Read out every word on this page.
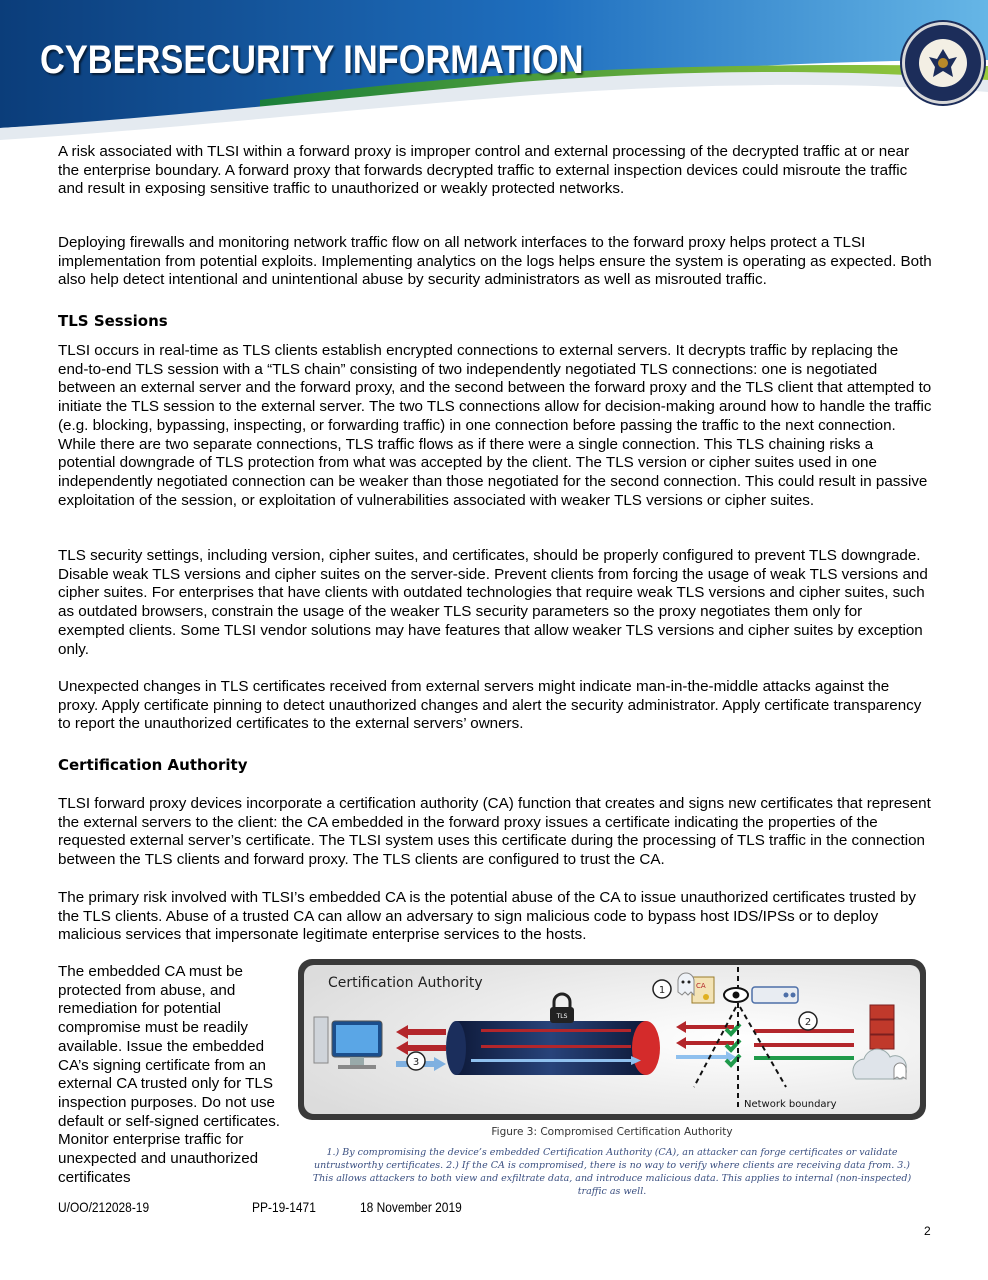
CYBERSECURITY INFORMATION

A risk associated with TLSI within a forward proxy is improper control and external processing of the decrypted traffic at or near the enterprise boundary. A forward proxy that forwards decrypted traffic to external inspection devices could misroute the traffic and result in exposing sensitive traffic to unauthorized or weakly protected networks.

Deploying firewalls and monitoring network traffic flow on all network interfaces to the forward proxy helps protect a TLSI implementation from potential exploits. Implementing analytics on the logs helps ensure the system is operating as expected. Both also help detect intentional and unintentional abuse by security administrators as well as misrouted traffic.

TLS Sessions

TLSI occurs in real-time as TLS clients establish encrypted connections to external servers. It decrypts traffic by replacing the end-to-end TLS session with a “TLS chain” consisting of two independently negotiated TLS connections: one is negotiated between an external server and the forward proxy, and the second between the forward proxy and the TLS client that attempted to initiate the TLS session to the external server. The two TLS connections allow for decision-making around how to handle the traffic (e.g. blocking, bypassing, inspecting, or forwarding traffic) in one connection before passing the traffic to the next connection. While there are two separate connections, TLS traffic flows as if there were a single connection. This TLS chaining risks a potential downgrade of TLS protection from what was accepted by the client. The TLS version or cipher suites used in one independently negotiated connection can be weaker than those negotiated for the second connection. This could result in passive exploitation of the session, or exploitation of vulnerabilities associated with weaker TLS versions or cipher suites.

TLS security settings, including version, cipher suites, and certificates, should be properly configured to prevent TLS downgrade. Disable weak TLS versions and cipher suites on the server-side. Prevent clients from forcing the usage of weak TLS versions and cipher suites. For enterprises that have clients with outdated technologies that require weak TLS versions and cipher suites, such as outdated browsers, constrain the usage of the weaker TLS security parameters so the proxy negotiates them only for exempted clients. Some TLSI vendor solutions may have features that allow weaker TLS versions and cipher suites by exception only.

Unexpected changes in TLS certificates received from external servers might indicate man-in-the-middle attacks against the proxy. Apply certificate pinning to detect unauthorized changes and alert the security administrator. Apply certificate transparency to report the unauthorized certificates to the external servers’ owners.

Certification Authority

TLSI forward proxy devices incorporate a certification authority (CA) function that creates and signs new certificates that represent the external servers to the client: the CA embedded in the forward proxy issues a certificate indicating the properties of the requested external server’s certificate. The TLSI system uses this certificate during the processing of TLS traffic in the connection between the TLS clients and forward proxy. The TLS clients are configured to trust the CA.

The primary risk involved with TLSI’s embedded CA is the potential abuse of the CA to issue unauthorized certificates trusted by the TLS clients. Abuse of a trusted CA can allow an adversary to sign malicious code to bypass host IDS/IPSs or to deploy malicious services that impersonate legitimate enterprise services to the hosts.

The embedded CA must be protected from abuse, and remediation for potential compromise must be readily available. Issue the embedded CA’s signing certificate from an external CA trusted only for TLS inspection purposes. Do not use default or self-signed certificates. Monitor enterprise traffic for unexpected and unauthorized certificates

Certification Authority
TLS
Network boundary
CA
1
2
3
Figure 3: Compromised Certification Authority
1.) By compromising the device’s embedded Certification Authority (CA), an attacker can forge certificates or validate untrustworthy certificates. 2.) If the CA is compromised, there is no way to verify where clients are receiving data from. 3.) This allows attackers to both view and exfiltrate data, and introduce malicious data. This applies to internal (non-inspected) traffic as well.
U/OO/212028-19	PP-19-1471	18 November 2019
2
